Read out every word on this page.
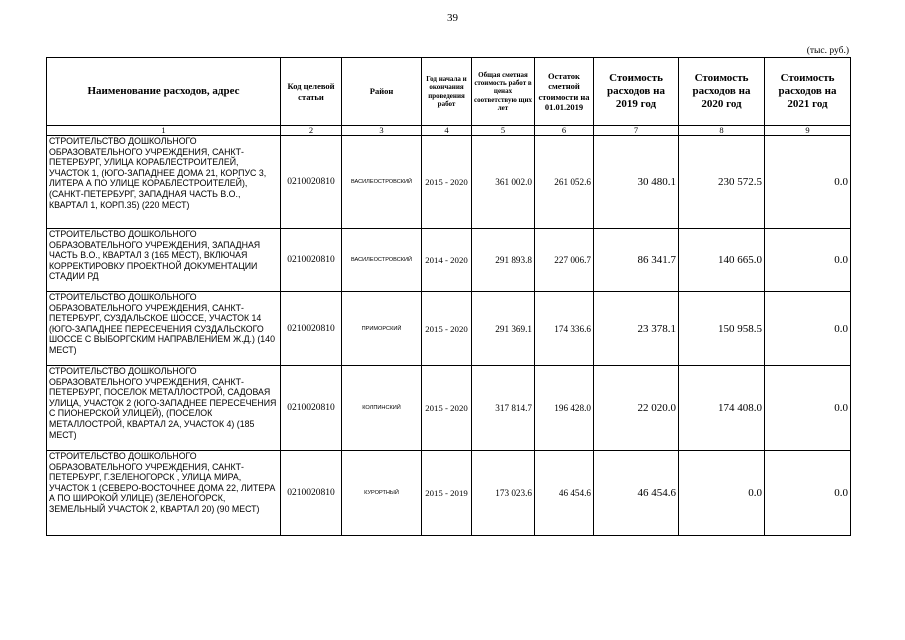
39
(тыс. руб.)
Наименование расходов, адрес	Код целевой статьи	Район	Год начала и окончания проведения работ	Общая сметная стоимость работ в ценах соответствую щих лет	Остаток сметной стоимости на 01.01.2019	Стоимость расходов на 2019 год	Стоимость расходов на 2020 год	Стоимость расходов на 2021 год
1	2	3	4	5	6	7	8	9
СТРОИТЕЛЬСТВО ДОШКОЛЬНОГО ОБРАЗОВАТЕЛЬНОГО УЧРЕЖДЕНИЯ, САНКТ-ПЕТЕРБУРГ, УЛИЦА КОРАБЛЕСТРОИТЕЛЕЙ, УЧАСТОК 1, (ЮГО-ЗАПАДНЕЕ ДОМА 21, КОРПУС 3, ЛИТЕРА А ПО УЛИЦЕ КОРАБЛЕСТРОИТЕЛЕЙ), (САНКТ-ПЕТЕРБУРГ, ЗАПАДНАЯ ЧАСТЬ В.О., КВАРТАЛ 1, КОРП.35) (220 МЕСТ)	0210020810	ВАСИЛЕОСТРОВСКИЙ	2015 - 2020	361 002.0	261 052.6	30 480.1	230 572.5	0.0
СТРОИТЕЛЬСТВО ДОШКОЛЬНОГО ОБРАЗОВАТЕЛЬНОГО УЧРЕЖДЕНИЯ, ЗАПАДНАЯ ЧАСТЬ В.О., КВАРТАЛ 3 (165 МЕСТ), ВКЛЮЧАЯ КОРРЕКТИРОВКУ ПРОЕКТНОЙ ДОКУМЕНТАЦИИ СТАДИИ РД	0210020810	ВАСИЛЕОСТРОВСКИЙ	2014 - 2020	291 893.8	227 006.7	86 341.7	140 665.0	0.0
СТРОИТЕЛЬСТВО ДОШКОЛЬНОГО ОБРАЗОВАТЕЛЬНОГО УЧРЕЖДЕНИЯ, САНКТ-ПЕТЕРБУРГ, СУЗДАЛЬСКОЕ ШОССЕ, УЧАСТОК 14 (ЮГО-ЗАПАДНЕЕ ПЕРЕСЕЧЕНИЯ СУЗДАЛЬСКОГО ШОССЕ С ВЫБОРГСКИМ НАПРАВЛЕНИЕМ Ж.Д.) (140 МЕСТ)	0210020810	ПРИМОРСКИЙ	2015 - 2020	291 369.1	174 336.6	23 378.1	150 958.5	0.0
СТРОИТЕЛЬСТВО ДОШКОЛЬНОГО ОБРАЗОВАТЕЛЬНОГО УЧРЕЖДЕНИЯ, САНКТ-ПЕТЕРБУРГ, ПОСЕЛОК МЕТАЛЛОСТРОЙ, САДОВАЯ УЛИЦА, УЧАСТОК 2 (ЮГО-ЗАПАДНЕЕ ПЕРЕСЕЧЕНИЯ С ПИОНЕРСКОЙ УЛИЦЕЙ), (ПОСЕЛОК МЕТАЛЛОСТРОЙ, КВАРТАЛ 2А, УЧАСТОК 4) (185 МЕСТ)	0210020810	КОЛПИНСКИЙ	2015 - 2020	317 814.7	196 428.0	22 020.0	174 408.0	0.0
СТРОИТЕЛЬСТВО ДОШКОЛЬНОГО ОБРАЗОВАТЕЛЬНОГО УЧРЕЖДЕНИЯ, САНКТ-ПЕТЕРБУРГ, Г.ЗЕЛЕНОГОРСК , УЛИЦА МИРА, УЧАСТОК 1 (СЕВЕРО-ВОСТОЧНЕЕ ДОМА 22, ЛИТЕРА А ПО ШИРОКОЙ УЛИЦЕ) (ЗЕЛЕНОГОРСК, ЗЕМЕЛЬНЫЙ УЧАСТОК 2, КВАРТАЛ 20) (90 МЕСТ)	0210020810	КУРОРТНЫЙ	2015 - 2019	173 023.6	46 454.6	46 454.6	0.0	0.0
